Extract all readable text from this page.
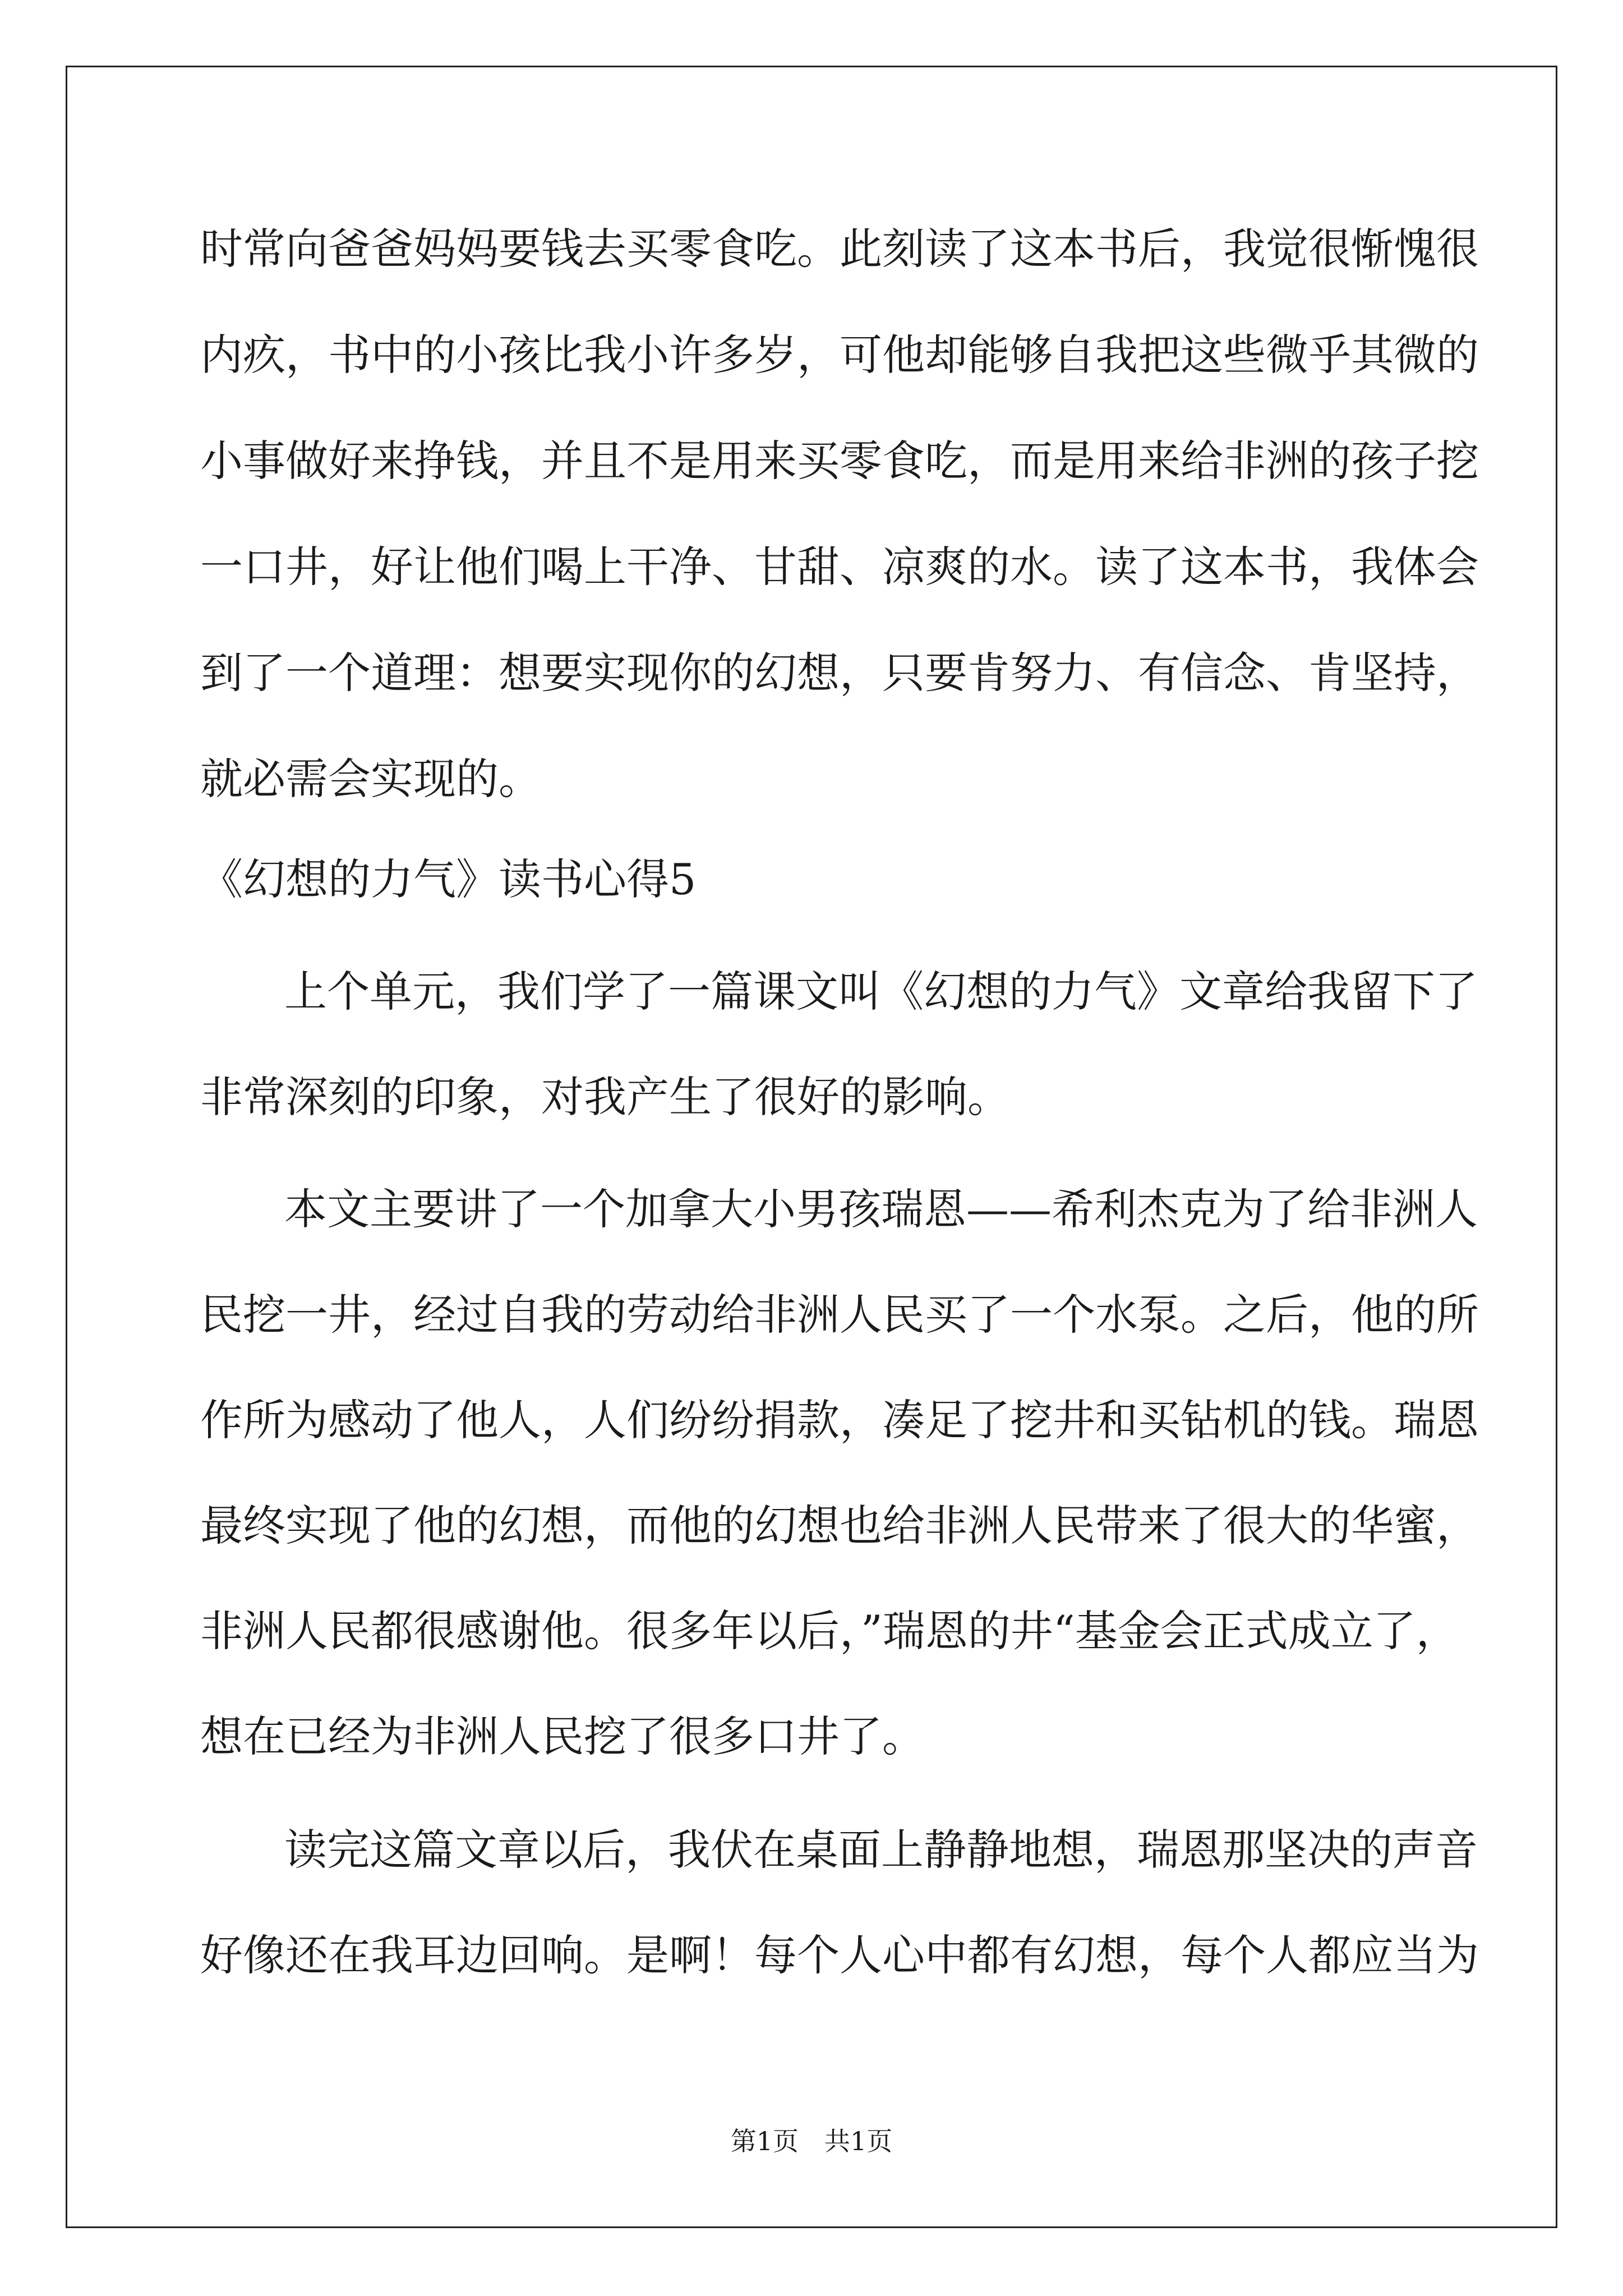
时常向爸爸妈妈要钱去买零食吃。此刻读了这本书后，我觉很惭愧很
内疚，书中的小孩比我小许多岁，可他却能够自我把这些微乎其微的
小事做好来挣钱，并且不是用来买零食吃，而是用来给非洲的孩子挖
一口井，好让他们喝上干净、甘甜、凉爽的水。读了这本书，我体会
到了一个道理：想要实现你的幻想，只要肯努力、有信念、肯坚持，
就必需会实现的。
《幻想的力气》读书心得5
上个单元，我们学了一篇课文叫《幻想的力气》文章给我留下了
非常深刻的印象，对我产生了很好的影响。
本文主要讲了一个加拿大小男孩瑞恩——希利杰克为了给非洲人
民挖一井，经过自我的劳动给非洲人民买了一个水泵。之后，他的所
作所为感动了他人，人们纷纷捐款，凑足了挖井和买钻机的钱。瑞恩
最终实现了他的幻想，而他的幻想也给非洲人民带来了很大的华蜜，
非洲人民都很感谢他。很多年以后，”瑞恩的井“基金会正式成立了，
想在已经为非洲人民挖了很多口井了。
读完这篇文章以后，我伏在桌面上静静地想，瑞恩那坚决的声音
好像还在我耳边回响。是啊！每个人心中都有幻想，每个人都应当为
第1页　共1页
